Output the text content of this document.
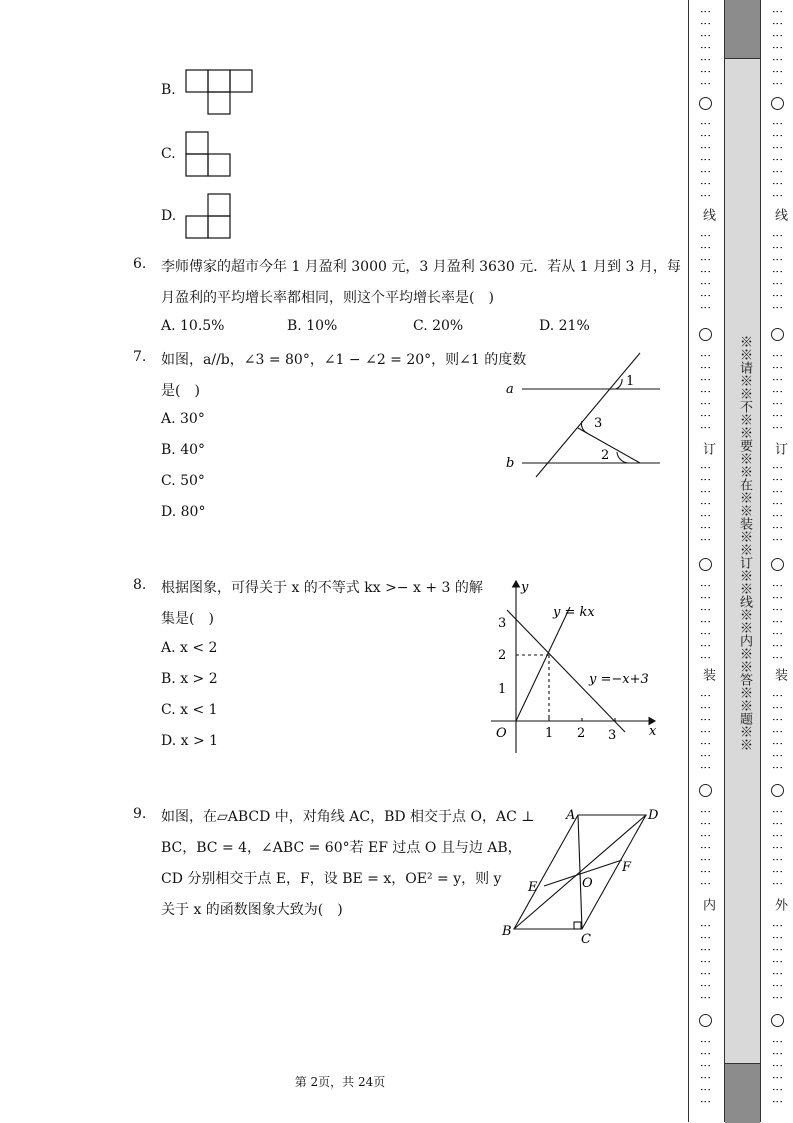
B.
C.
D.
6. 李师傅家的超市今年 1 月盈利 3000 元，3 月盈利 3630 元．若从 1 月到 3 月，每
月盈利的平均增长率都相同，则这个平均增长率是(　)
A. 10.5%	B. 10%	C. 20%	D. 21%
7. 如图，a//b，∠3 = 80°，∠1 − ∠2 = 20°，则∠1 的度数
是(　)
A. 30°
B. 40°
C. 50°
D. 80°
a
b
1
3
2
8. 根据图象，可得关于 x 的不等式 kx >− x + 3 的解
集是(　)
A. x < 2
B. x > 2
C. x < 1
D. x > 1
y
x
O
y = kx
y =−x+3
1 2 3
1
2
3
9. 如图，在▱ABCD 中，对角线 AC，BD 相交于点 O，AC ⊥
BC，BC = 4，∠ABC = 60°若 EF 过点 O 且与边 AB，
CD 分别相交于点 E，F，设 BE = x，OE² = y，则 y
关于 x 的函数图象大致为(　)
A	D
B
C
E
F
O
第 2页，共 24页
⋮⋮⋮⋮⋮⋮⋮
⋮⋮⋮⋮⋮⋮⋮
线
⋮⋮⋮⋮⋮⋮⋮
⋮⋮⋮⋮⋮⋮⋮
订
⋮⋮⋮⋮⋮⋮⋮
⋮⋮⋮⋮⋮⋮⋮
装
⋮⋮⋮⋮⋮⋮⋮
⋮⋮⋮⋮⋮⋮⋮
内
⋮⋮⋮⋮⋮⋮⋮
⋮⋮⋮⋮⋮⋮
※※请※※不※※要※※在※※装※※订※※线※※内※※答※※题※※
⋮⋮⋮⋮⋮⋮⋮
⋮⋮⋮⋮⋮⋮⋮
线
⋮⋮⋮⋮⋮⋮⋮
⋮⋮⋮⋮⋮⋮⋮
订
⋮⋮⋮⋮⋮⋮⋮
⋮⋮⋮⋮⋮⋮⋮
装
⋮⋮⋮⋮⋮⋮⋮
⋮⋮⋮⋮⋮⋮⋮
外
⋮⋮⋮⋮⋮⋮⋮
⋮⋮⋮⋮⋮⋮
